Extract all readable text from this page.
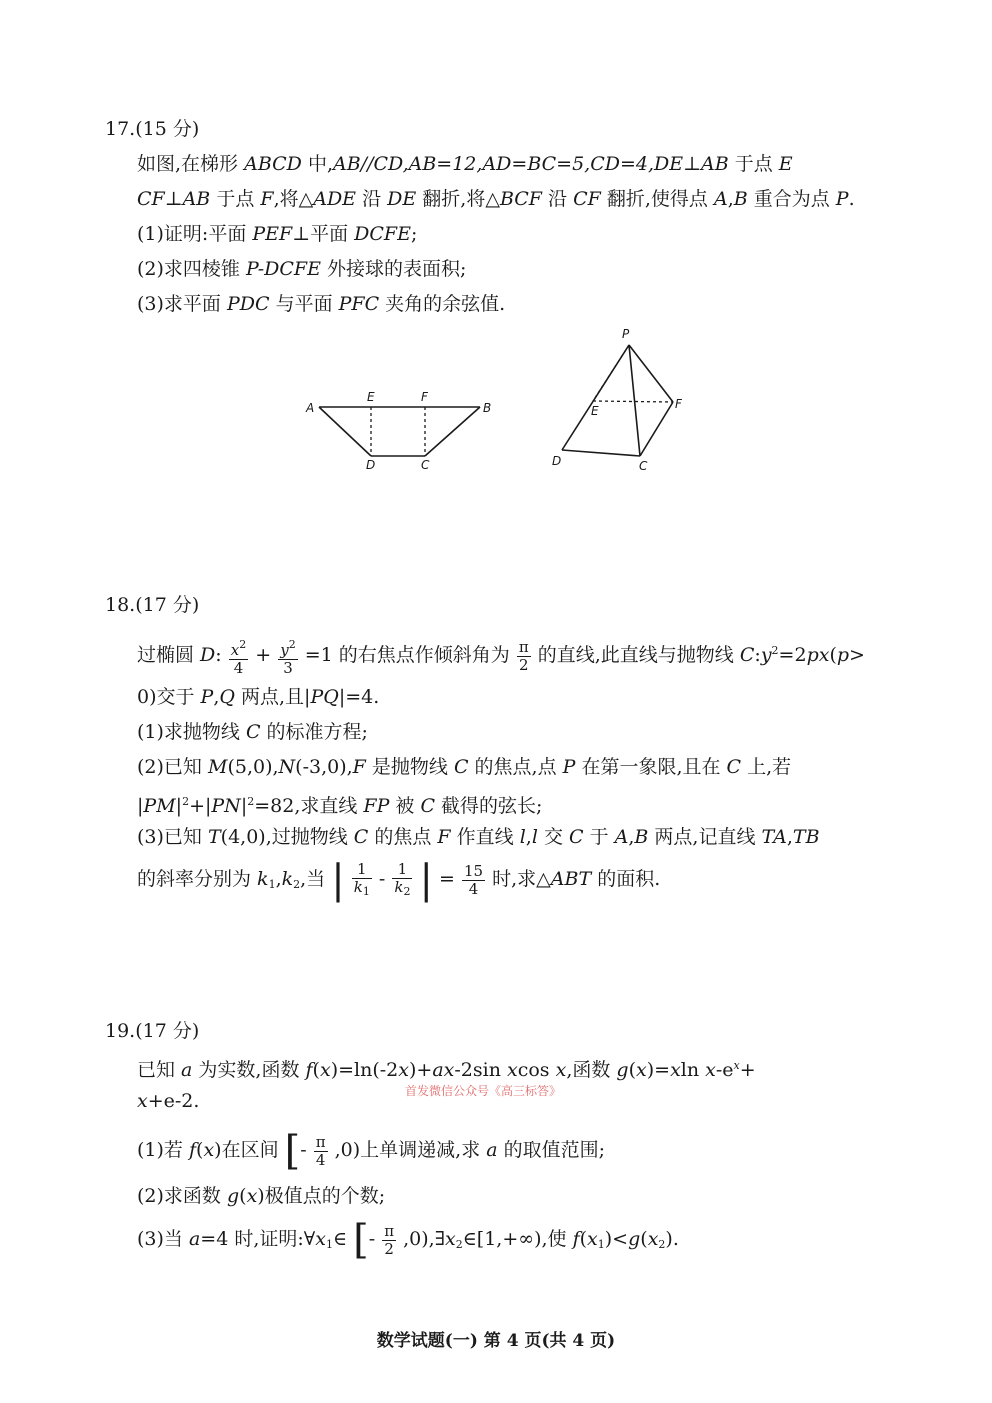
17.(15 分)
如图,在梯形 ABCD 中,AB//CD,AB=12,AD=BC=5,CD=4,DE⊥AB 于点 E
CF⊥AB 于点 F,将△ADE 沿 DE 翻折,将△BCF 沿 CF 翻折,使得点 A,B 重合为点 P.
(1)证明:平面 PEF⊥平面 DCFE;
(2)求四棱锥 P-DCFE 外接球的表面积;
(3)求平面 PDC 与平面 PFC 夹角的余弦值.
A
E	F
B
D	C
P
E	F
D	C
18.(17 分)
过椭圆 D: $\frac{x^2}{4} + \frac{y^2}{3} =1$ 的右焦点作倾斜角为 $\frac{\pi}{2}$ 的直线,此直线与抛物线 $C:y^2=2px(p>$
0)交于 P,Q 两点,且|PQ|=4.
(1)求抛物线 C 的标准方程;
(2)已知 M(5,0),N(-3,0),F 是抛物线 C 的焦点,点 P 在第一象限,且在 C 上,若
$|PM|^2+|PN|^2=82$,求直线 FP 被 C 截得的弦长;
(3)已知 T(4,0),过抛物线 C 的焦点 F 作直线 l,l 交 C 于 A,B 两点,记直线 TA,TB
的斜率分别为 $k_1,k_2$,当 | $\frac{1}{k_1} - \frac{1}{k_2}$ | = $\frac{15}{4}$ 时,求△ABT 的面积.
19.(17 分)
已知 a 为实数,函数 f(x)=ln(-2x)+ax-2sin xcos x,函数 g(x)=xln $x-e^x+$
x+e-2.	首发微信公众号《高三标答》
(1)若 f(x)在区间 [- $\frac{\pi}{4} ,0$)上单调递减,求 a 的取值范围;
(2)求函数 g(x)极值点的个数;
(3)当 a=4 时,证明$:\forall x_1\in$ [- $\frac{\pi}{2}$ $,0),\exists x_2\in[1,+\infty)$,使 $f(x_1)<g(x_2)$.
数学试题(一) 第 4 页(共 4 页)
